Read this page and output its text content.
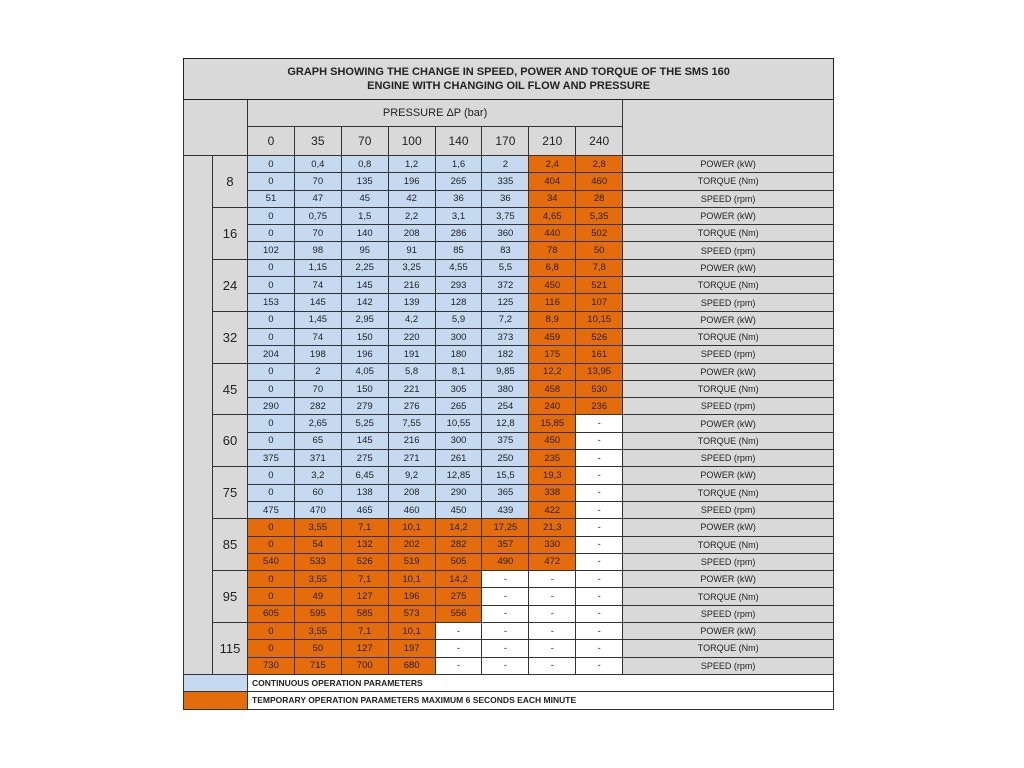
GRAPH SHOWING THE CHANGE IN SPEED, POWER AND TORQUE OF THE SMS 160
ENGINE WITH CHANGING OIL FLOW AND PRESSURE										

		PRESSURE ΔP (bar)								
		0	35	70	100	140	170	210	240	
	8	0	0,4	0,8	1,2	1,6	2	2,4	2,8	POWER (kW)
		0	70	135	196	265	335	404	460	TORQUE (Nm)
		51	47	45	42	36	36	34	28	SPEED (rpm)
	16	0	0,75	1,5	2,2	3,1	3,75	4,65	5,35	POWER (kW)
		0	70	140	208	286	360	440	502	TORQUE (Nm)
		102	98	95	91	85	83	78	50	SPEED (rpm)
	24	0	1,15	2,25	3,25	4,55	5,5	6,8	7,8	POWER (kW)
		0	74	145	216	293	372	450	521	TORQUE (Nm)
		153	145	142	139	128	125	116	107	SPEED (rpm)
	32	0	1,45	2,95	4,2	5,9	7,2	8,9	10,15	POWER (kW)
		0	74	150	220	300	373	459	526	TORQUE (Nm)
		204	198	196	191	180	182	175	161	SPEED (rpm)
	45	0	2	4,05	5,8	8,1	9,85	12,2	13,95	POWER (kW)
		0	70	150	221	305	380	458	530	TORQUE (Nm)
		290	282	279	276	265	254	240	236	SPEED (rpm)
	60	0	2,65	5,25	7,55	10,55	12,8	15,85	-	POWER (kW)
		0	65	145	216	300	375	450	-	TORQUE (Nm)
		375	371	275	271	261	250	235	-	SPEED (rpm)
	75	0	3,2	6,45	9,2	12,85	15,5	19,3	-	POWER (kW)
		0	60	138	208	290	365	338	-	TORQUE (Nm)
		475	470	465	460	450	439	422	-	SPEED (rpm)
	85	0	3,55	7,1	10,1	14,2	17,25	21,3	-	POWER (kW)
		0	54	132	202	282	357	330	-	TORQUE (Nm)
		540	533	526	519	505	490	472	-	SPEED (rpm)
	95	0	3,55	7,1	10,1	14,2	-	-	-	POWER (kW)
		0	49	127	196	275	-	-	-	TORQUE (Nm)
		605	595	585	573	556	-	-	-	SPEED (rpm)
	115	0	3,55	7,1	10,1	-	-	-	-	POWER (kW)
		0	50	127	197	-	-	-	-	TORQUE (Nm)
		730	715	700	680	-	-	-	-	SPEED (rpm)
		CONTINUOUS OPERATION PARAMETERS								
		TEMPORARY OPERATION PARAMETERS MAXIMUM 6 SECONDS EACH MINUTE								
